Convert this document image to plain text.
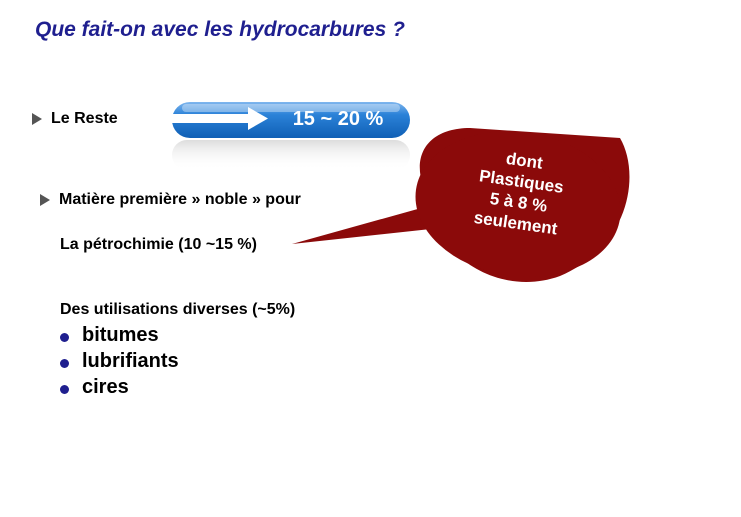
Que fait-on avec les hydrocarbures ?
Le Reste	15 ~ 20 %
Matière première » noble » pour
La pétrochimie (10 ~15 %)
dont
Plastiques
5 à 8 %
seulement
Des utilisations diverses (~5%)
bitumes
lubrifiants
cires
